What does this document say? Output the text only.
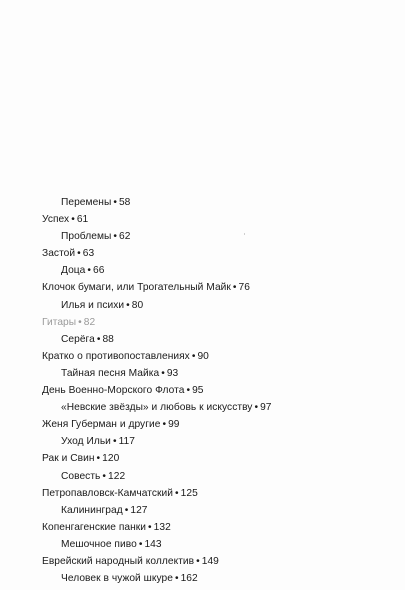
Перемены • 58
Успех • 61
Проблемы • 62
Застой • 63
Доца • 66
Клочок бумаги, или Трогательный Майк • 76
Илья и психи • 80
Гитары • 82
Серёга • 88
Кратко о противопоставлениях • 90
Тайная песня Майка • 93
День Военно-Морского Флота • 95
«Невские звёзды» и любовь к искусству • 97
Женя Губерман и другие • 99
Уход Ильи • 117
Рак и Свин • 120
Совесть • 122
Петропавловск-Камчатский • 125
Калининград • 127
Копенгагенские панки • 132
Мешочное пиво • 143
Еврейский народный коллектив • 149
Человек в чужой шкуре • 162
